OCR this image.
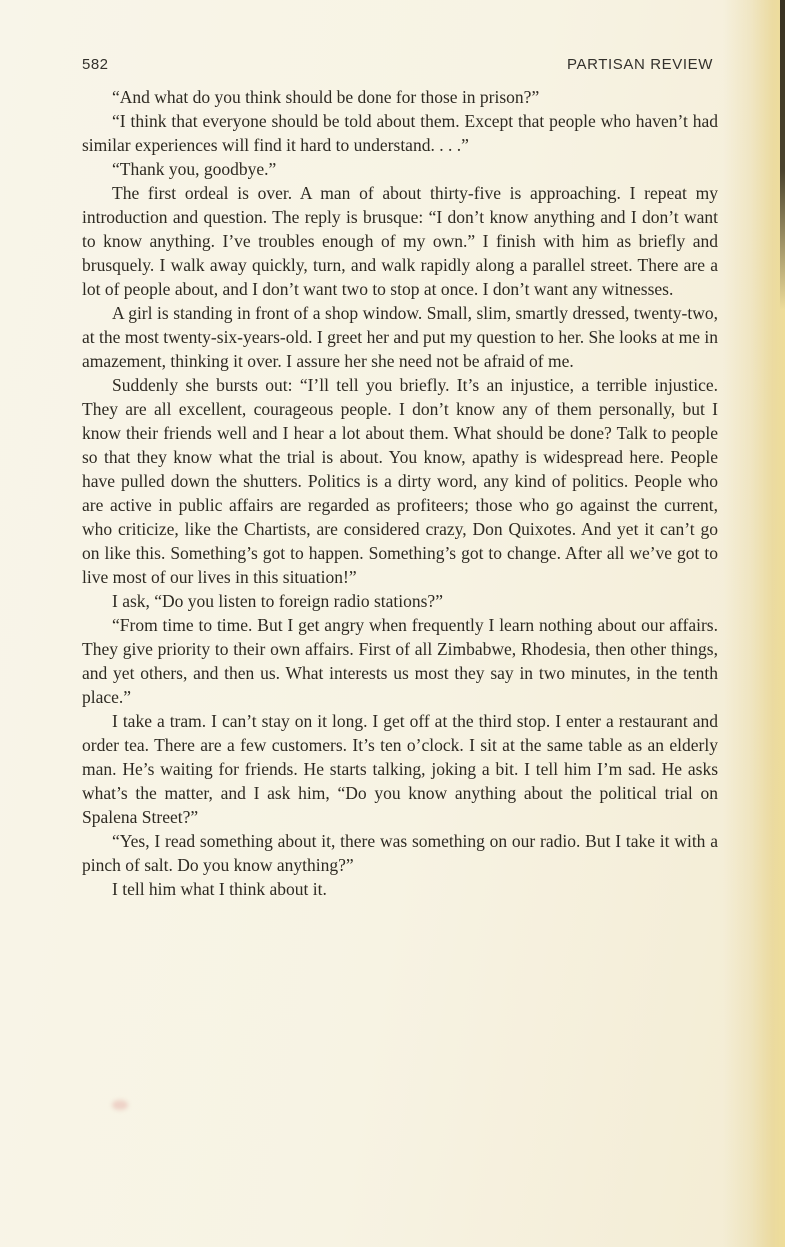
582	PARTISAN REVIEW

“And what do you think should be done for those in prison?”

“I think that everyone should be told about them. Except that people who haven’t had similar experiences will find it hard to understand. . . .”

“Thank you, goodbye.”

The first ordeal is over. A man of about thirty-five is approaching. I repeat my introduction and question. The reply is brusque: “I don’t know anything and I don’t want to know anything. I’ve troubles enough of my own.” I finish with him as briefly and brusquely. I walk away quickly, turn, and walk rapidly along a parallel street. There are a lot of people about, and I don’t want two to stop at once. I don’t want any witnesses.

A girl is standing in front of a shop window. Small, slim, smartly dressed, twenty-two, at the most twenty-six-years-old. I greet her and put my question to her. She looks at me in amazement, thinking it over. I assure her she need not be afraid of me.

Suddenly she bursts out: “I’ll tell you briefly. It’s an injustice, a terrible injustice. They are all excellent, courageous people. I don’t know any of them personally, but I know their friends well and I hear a lot about them. What should be done? Talk to people so that they know what the trial is about. You know, apathy is widespread here. People have pulled down the shutters. Politics is a dirty word, any kind of politics. People who are active in public affairs are regarded as profiteers; those who go against the current, who criticize, like the Chartists, are considered crazy, Don Quixotes. And yet it can’t go on like this. Something’s got to happen. Something’s got to change. After all we’ve got to live most of our lives in this situation!”

I ask, “Do you listen to foreign radio stations?”

“From time to time. But I get angry when frequently I learn nothing about our affairs. They give priority to their own affairs. First of all Zimbabwe, Rhodesia, then other things, and yet others, and then us. What interests us most they say in two minutes, in the tenth place.”

I take a tram. I can’t stay on it long. I get off at the third stop. I enter a restaurant and order tea. There are a few customers. It’s ten o’clock. I sit at the same table as an elderly man. He’s waiting for friends. He starts talking, joking a bit. I tell him I’m sad. He asks what’s the matter, and I ask him, “Do you know anything about the political trial on Spalena Street?”

“Yes, I read something about it, there was something on our radio. But I take it with a pinch of salt. Do you know anything?”

I tell him what I think about it.
